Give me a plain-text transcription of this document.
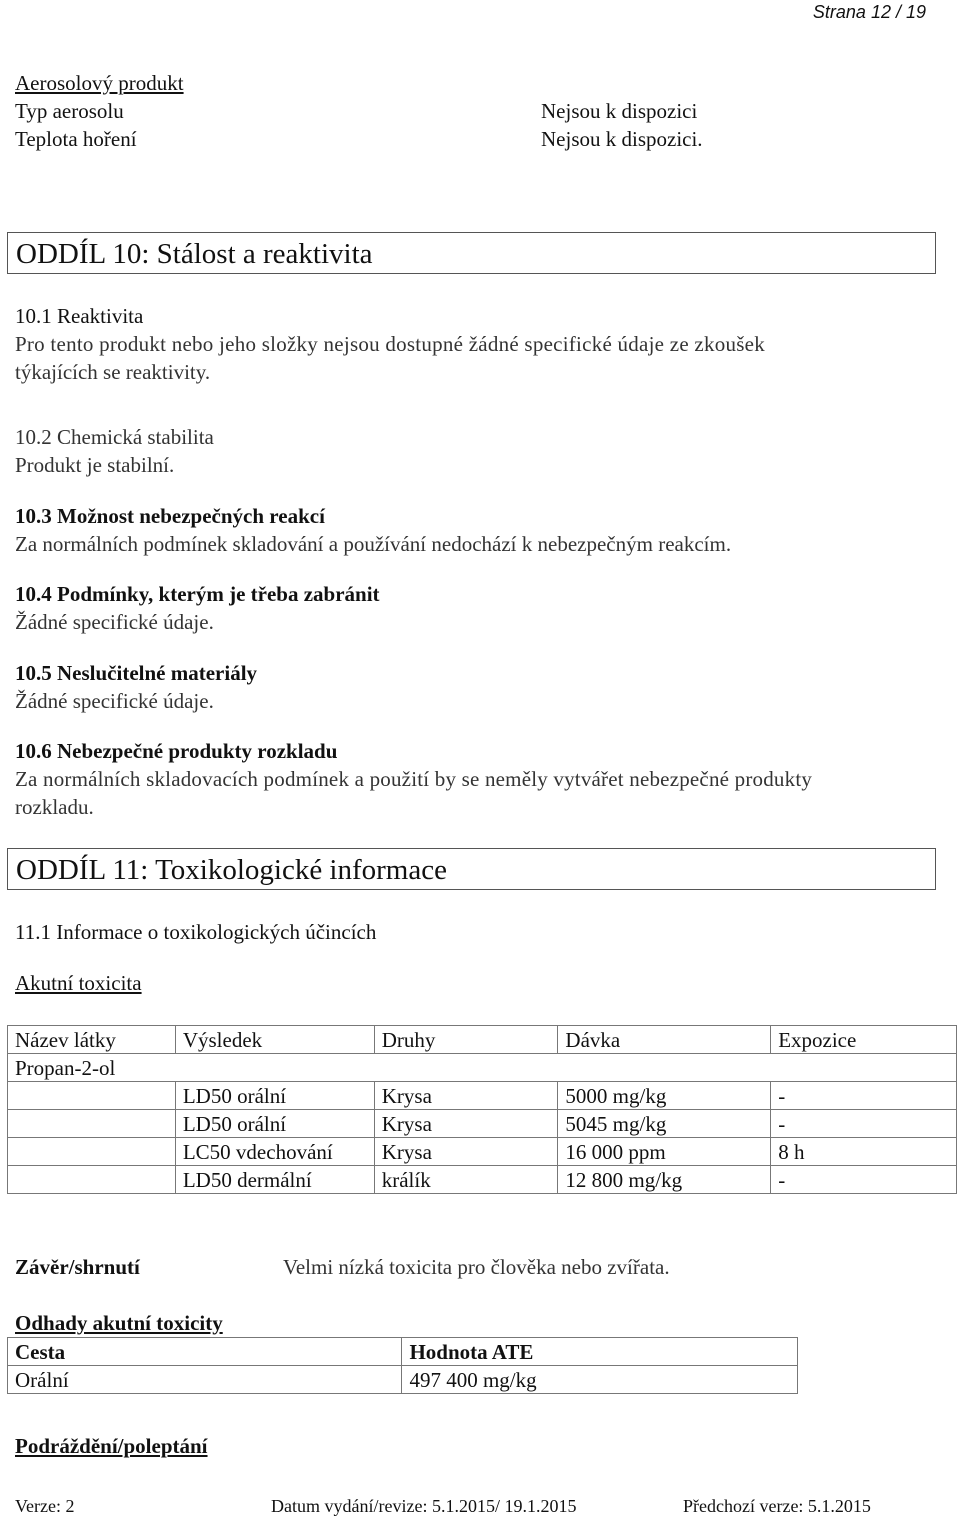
Strana 12 / 19
Aerosolový produkt
Typ aerosolu	Nejsou k dispozici
Teplota hoření	Nejsou k dispozici.
ODDÍL 10: Stálost a reaktivita
10.1 Reaktivita
Pro tento produkt nebo jeho složky nejsou dostupné žádné specifické údaje ze zkoušek
týkajících se reaktivity.
10.2 Chemická stabilita
Produkt je stabilní.
10.3 Možnost nebezpečných reakcí
Za normálních podmínek skladování a používání nedochází k nebezpečným reakcím.
10.4 Podmínky, kterým je třeba zabránit
Žádné specifické údaje.
10.5 Neslučitelné materiály
Žádné specifické údaje.
10.6 Nebezpečné produkty rozkladu
Za normálních skladovacích podmínek a použití by se neměly vytvářet nebezpečné produkty
rozkladu.
ODDÍL 11: Toxikologické informace
11.1 Informace o toxikologických účincích
Akutní toxicita
Název látky	Výsledek	Druhy	Dávka	Expozice
Propan-2-ol				
	LD50 orální	Krysa	5000 mg/kg	-
	LD50 orální	Krysa	5045 mg/kg	-
	LC50 vdechování	Krysa	16 000 ppm	8 h
	LD50 dermální	králík	12 800 mg/kg	-
Závěr/shrnutí	Velmi nízká toxicita pro člověka nebo zvířata.
Odhady akutní toxicity
Cesta	Hodnota ATE
Orální	497 400 mg/kg
Podráždění/poleptání
Verze: 2	Datum vydání/revize: 5.1.2015/ 19.1.2015	Předchozí verze: 5.1.2015
